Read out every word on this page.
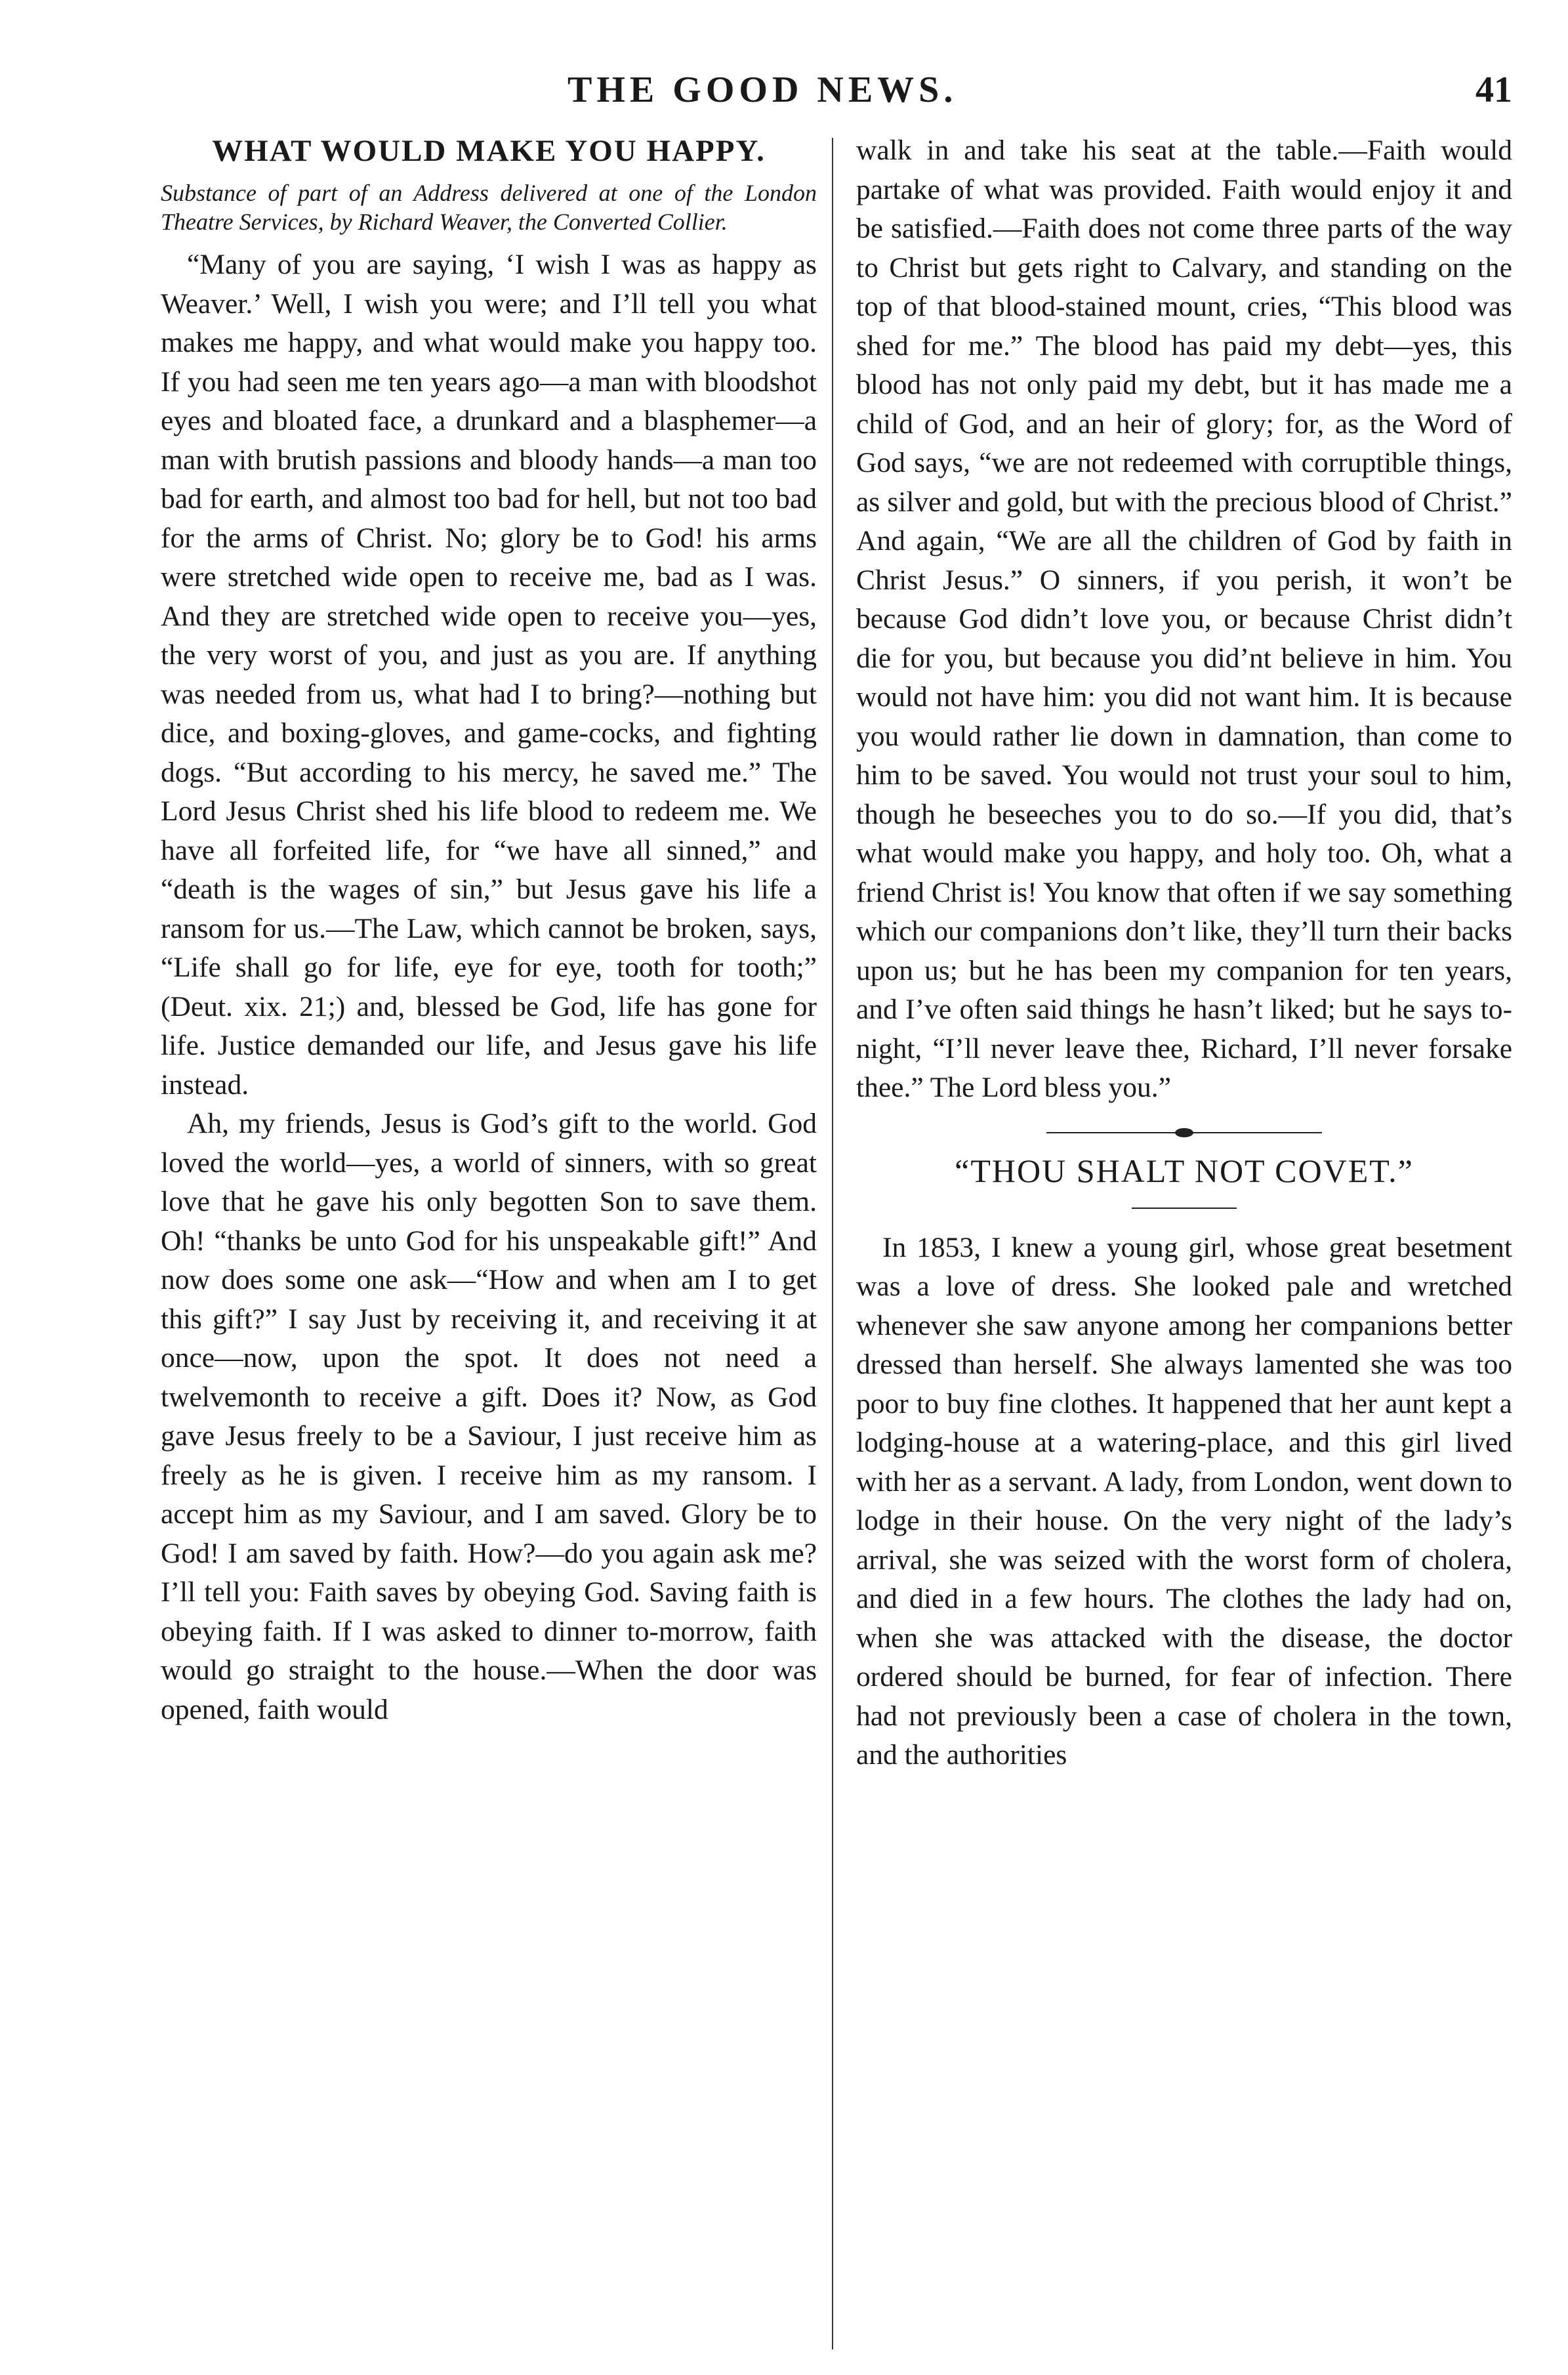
THE GOOD NEWS.	41
WHAT WOULD MAKE YOU HAPPY.
Substance of part of an Address delivered at one of the London Theatre Services, by Richard Weaver, the Converted Collier.

“Many of you are saying, ‘I wish I was as happy as Weaver.’ Well, I wish you were; and I’ll tell you what makes me happy, and what would make you happy too. If you had seen me ten years ago—a man with bloodshot eyes and bloated face, a drunkard and a blasphemer—a man with brutish passions and bloody hands—a man too bad for earth, and almost too bad for hell, but not too bad for the arms of Christ. No; glory be to God! his arms were stretched wide open to receive me, bad as I was. And they are stretched wide open to receive you—yes, the very worst of you, and just as you are. If anything was needed from us, what had I to bring?—nothing but dice, and boxing-gloves, and game-cocks, and fighting dogs. “But according to his mercy, he saved me.” The Lord Jesus Christ shed his life blood to redeem me. We have all forfeited life, for “we have all sinned,” and “death is the wages of sin,” but Jesus gave his life a ransom for us.—The Law, which cannot be broken, says, “Life shall go for life, eye for eye, tooth for tooth;” (Deut. xix. 21;) and, blessed be God, life has gone for life. Justice demanded our life, and Jesus gave his life instead.

Ah, my friends, Jesus is God’s gift to the world. God loved the world—yes, a world of sinners, with so great love that he gave his only begotten Son to save them. Oh! “thanks be unto God for his unspeakable gift!” And now does some one ask—“How and when am I to get this gift?” I say Just by receiving it, and receiving it at once—now, upon the spot. It does not need a twelvemonth to receive a gift. Does it? Now, as God gave Jesus freely to be a Saviour, I just receive him as freely as he is given. I receive him as my ransom. I accept him as my Saviour, and I am saved. Glory be to God! I am saved by faith. How?—do you again ask me? I’ll tell you: Faith saves by obeying God. Saving faith is obeying faith. If I was asked to dinner to-morrow, faith would go straight to the house.—When the door was opened, faith would

walk in and take his seat at the table.—Faith would partake of what was provided. Faith would enjoy it and be satisfied.—Faith does not come three parts of the way to Christ but gets right to Calvary, and standing on the top of that blood-stained mount, cries, “This blood was shed for me.” The blood has paid my debt—yes, this blood has not only paid my debt, but it has made me a child of God, and an heir of glory; for, as the Word of God says, “we are not redeemed with corruptible things, as silver and gold, but with the precious blood of Christ.” And again, “We are all the children of God by faith in Christ Jesus.” O sinners, if you perish, it won’t be because God didn’t love you, or because Christ didn’t die for you, but because you did’nt believe in him. You would not have him: you did not want him. It is because you would rather lie down in damnation, than come to him to be saved. You would not trust your soul to him, though he beseeches you to do so.—If you did, that’s what would make you happy, and holy too. Oh, what a friend Christ is! You know that often if we say something which our companions don’t like, they’ll turn their backs upon us; but he has been my companion for ten years, and I’ve often said things he hasn’t liked; but he says to-night, “I’ll never leave thee, Richard, I’ll never forsake thee.” The Lord bless you.”

“THOU SHALT NOT COVET.”

In 1853, I knew a young girl, whose great besetment was a love of dress. She looked pale and wretched whenever she saw anyone among her companions better dressed than herself. She always lamented she was too poor to buy fine clothes. It happened that her aunt kept a lodging-house at a watering-place, and this girl lived with her as a servant. A lady, from London, went down to lodge in their house. On the very night of the lady’s arrival, she was seized with the worst form of cholera, and died in a few hours. The clothes the lady had on, when she was attacked with the disease, the doctor ordered should be burned, for fear of infection. There had not previously been a case of cholera in the town, and the authorities
